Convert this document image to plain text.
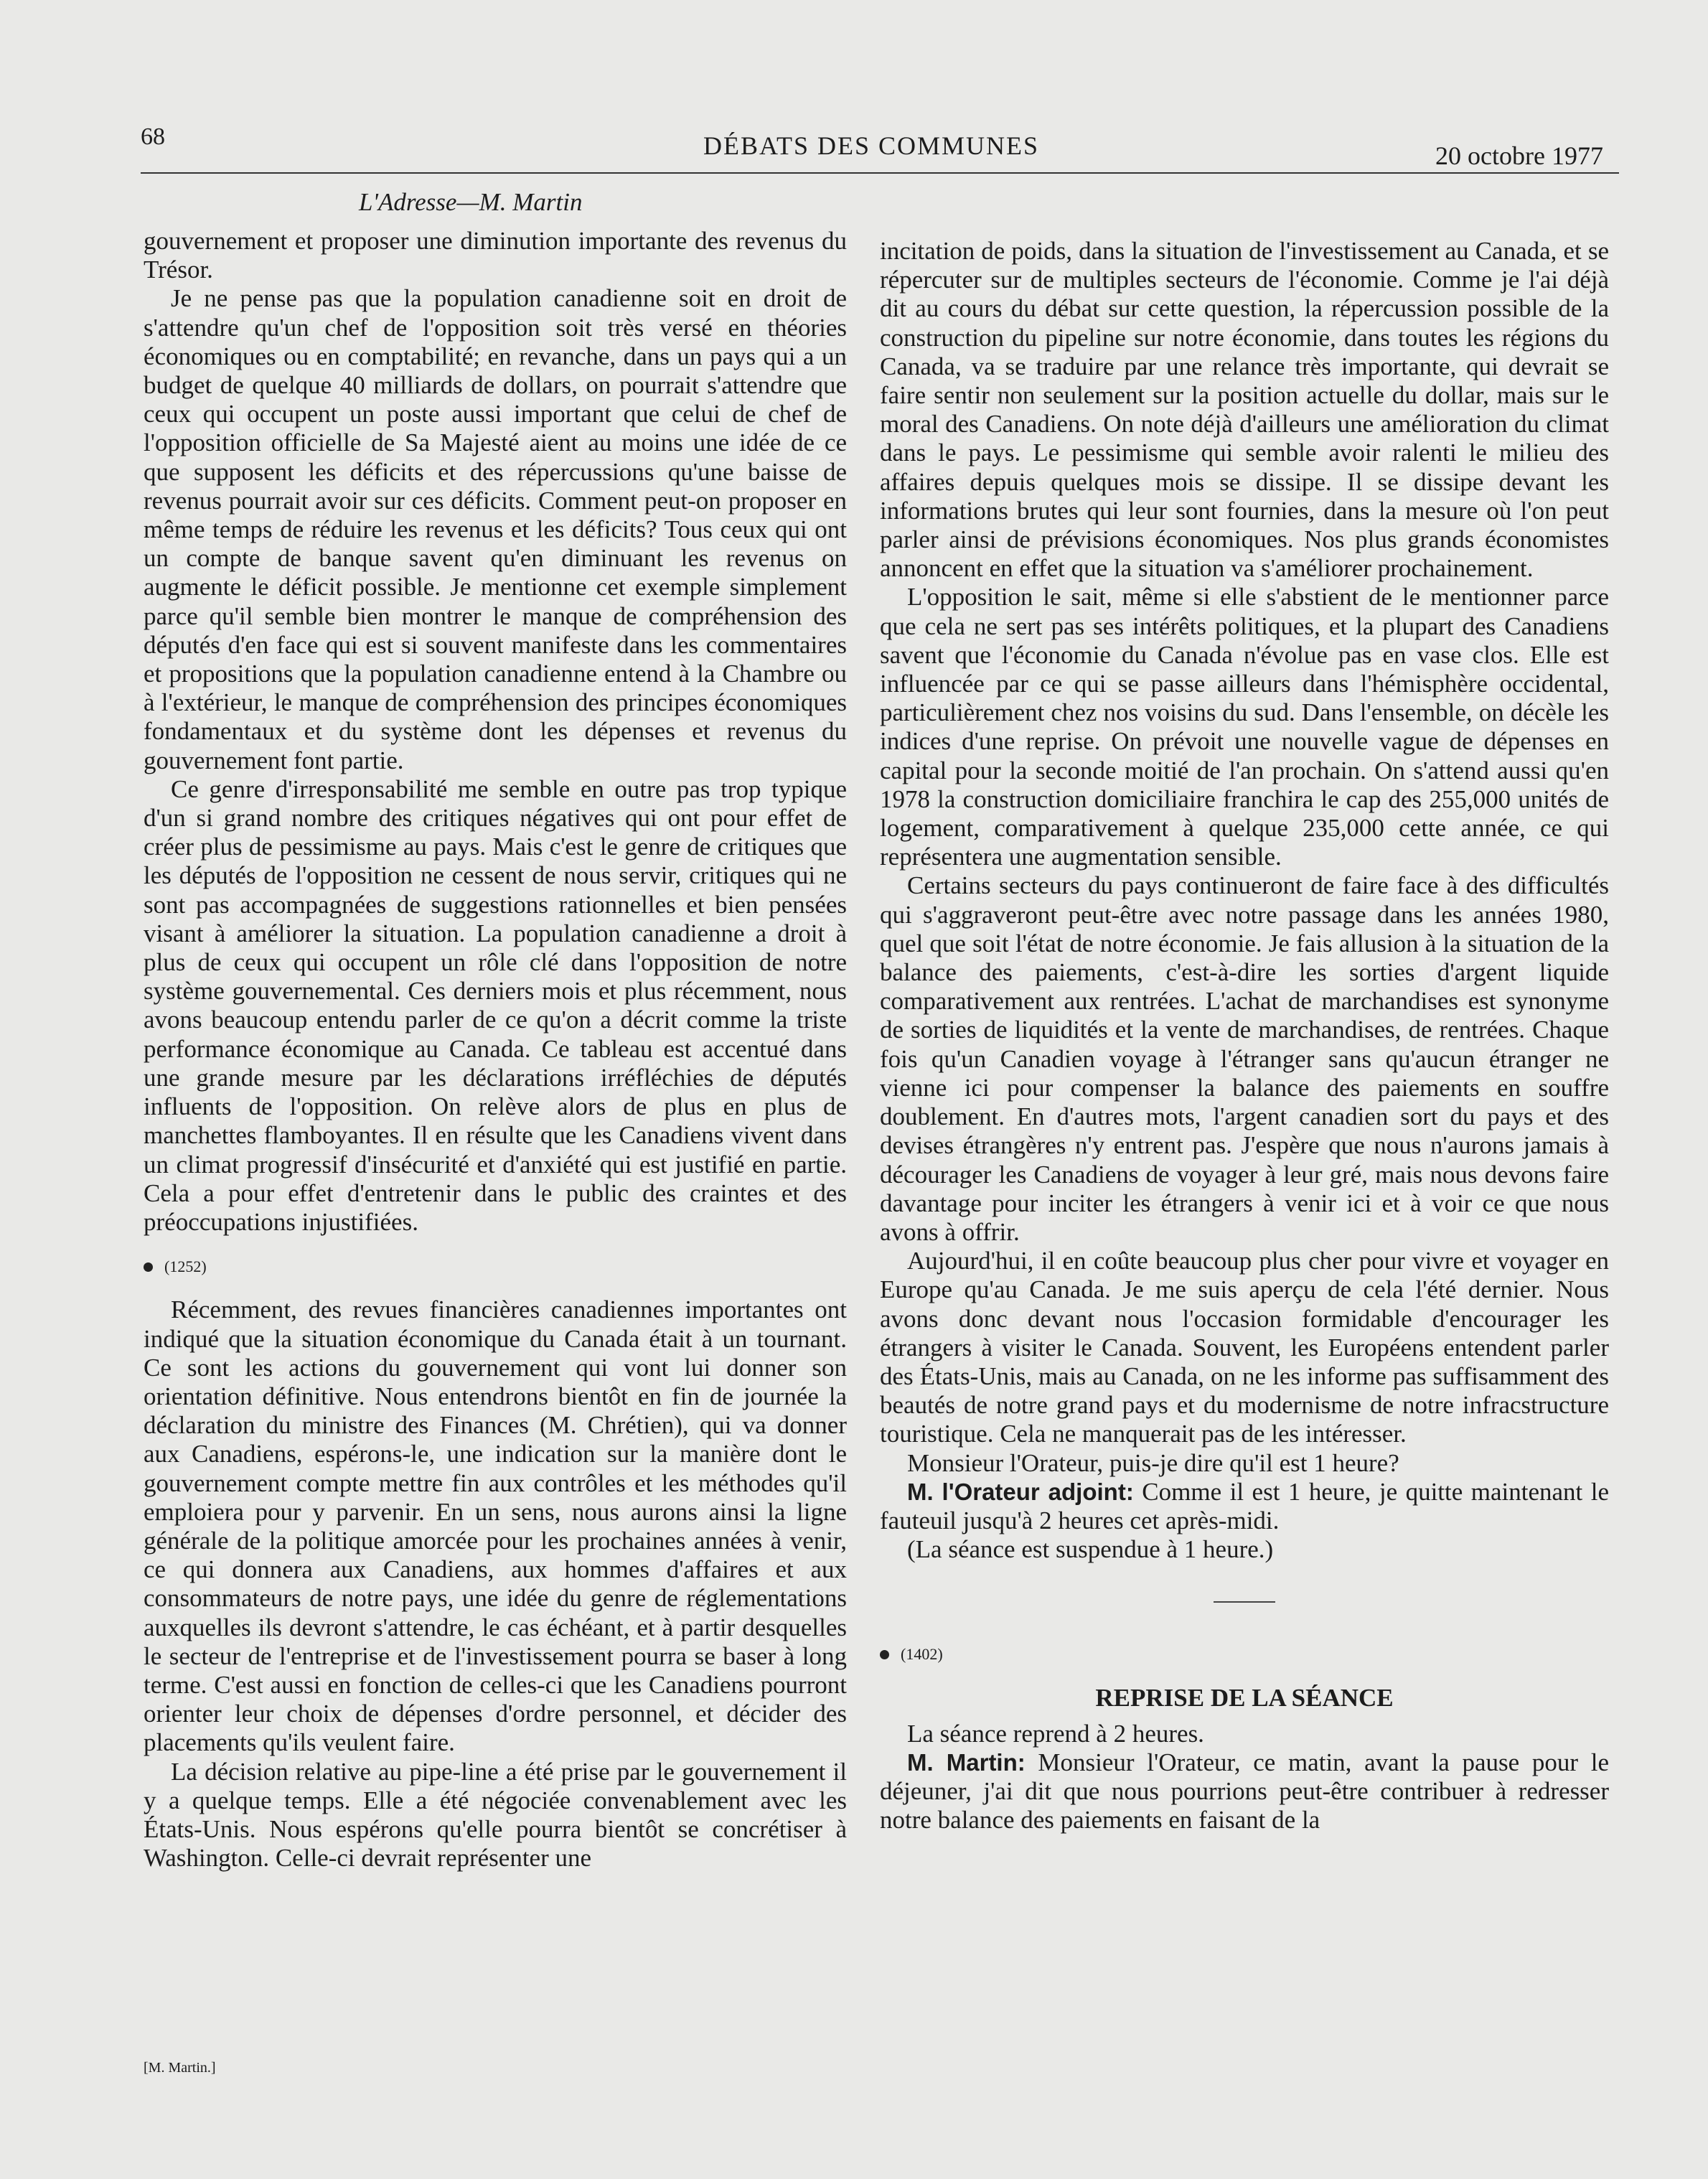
68	DÉBATS DES COMMUNES	20 octobre 1977
L'Adresse—M. Martin

gouvernement et proposer une diminution importante des revenus du Trésor.

Je ne pense pas que la population canadienne soit en droit de s'attendre qu'un chef de l'opposition soit très versé en théories économiques ou en comptabilité; en revanche, dans un pays qui a un budget de quelque 40 milliards de dollars, on pourrait s'attendre que ceux qui occupent un poste aussi important que celui de chef de l'opposition officielle de Sa Majesté aient au moins une idée de ce que supposent les déficits et des répercussions qu'une baisse de revenus pourrait avoir sur ces déficits. Comment peut-on proposer en même temps de réduire les revenus et les déficits? Tous ceux qui ont un compte de banque savent qu'en diminuant les revenus on augmente le déficit possible. Je mentionne cet exemple simplement parce qu'il semble bien montrer le manque de compréhension des députés d'en face qui est si souvent manifeste dans les commentaires et propositions que la population canadienne entend à la Chambre ou à l'extérieur, le manque de compréhension des principes économiques fondamentaux et du système dont les dépenses et revenus du gouvernement font partie.

Ce genre d'irresponsabilité me semble en outre pas trop typique d'un si grand nombre des critiques négatives qui ont pour effet de créer plus de pessimisme au pays. Mais c'est le genre de critiques que les députés de l'opposition ne cessent de nous servir, critiques qui ne sont pas accompagnées de suggestions rationnelles et bien pensées visant à améliorer la situation. La population canadienne a droit à plus de ceux qui occupent un rôle clé dans l'opposition de notre système gouvernemental. Ces derniers mois et plus récemment, nous avons beaucoup entendu parler de ce qu'on a décrit comme la triste performance économique au Canada. Ce tableau est accentué dans une grande mesure par les déclarations irréfléchies de députés influents de l'opposition. On relève alors de plus en plus de manchettes flamboyantes. Il en résulte que les Canadiens vivent dans un climat progressif d'insécurité et d'anxiété qui est justifié en partie. Cela a pour effet d'entretenir dans le public des craintes et des préoccupations injustifiées.

(1252)

Récemment, des revues financières canadiennes importantes ont indiqué que la situation économique du Canada était à un tournant. Ce sont les actions du gouvernement qui vont lui donner son orientation définitive. Nous entendrons bientôt en fin de journée la déclaration du ministre des Finances (M. Chrétien), qui va donner aux Canadiens, espérons-le, une indication sur la manière dont le gouvernement compte mettre fin aux contrôles et les méthodes qu'il emploiera pour y parvenir. En un sens, nous aurons ainsi la ligne générale de la politique amorcée pour les prochaines années à venir, ce qui donnera aux Canadiens, aux hommes d'affaires et aux consommateurs de notre pays, une idée du genre de réglementations auxquelles ils devront s'attendre, le cas échéant, et à partir desquelles le secteur de l'entreprise et de l'investissement pourra se baser à long terme. C'est aussi en fonction de celles-ci que les Canadiens pourront orienter leur choix de dépenses d'ordre personnel, et décider des placements qu'ils veulent faire.

La décision relative au pipe-line a été prise par le gouvernement il y a quelque temps. Elle a été négociée convenablement avec les États-Unis. Nous espérons qu'elle pourra bientôt se concrétiser à Washington. Celle-ci devrait représenter une

[M. Martin.]

incitation de poids, dans la situation de l'investissement au Canada, et se répercuter sur de multiples secteurs de l'économie. Comme je l'ai déjà dit au cours du débat sur cette question, la répercussion possible de la construction du pipeline sur notre économie, dans toutes les régions du Canada, va se traduire par une relance très importante, qui devrait se faire sentir non seulement sur la position actuelle du dollar, mais sur le moral des Canadiens. On note déjà d'ailleurs une amélioration du climat dans le pays. Le pessimisme qui semble avoir ralenti le milieu des affaires depuis quelques mois se dissipe. Il se dissipe devant les informations brutes qui leur sont fournies, dans la mesure où l'on peut parler ainsi de prévisions économiques. Nos plus grands économistes annoncent en effet que la situation va s'améliorer prochainement.

L'opposition le sait, même si elle s'abstient de le mentionner parce que cela ne sert pas ses intérêts politiques, et la plupart des Canadiens savent que l'économie du Canada n'évolue pas en vase clos. Elle est influencée par ce qui se passe ailleurs dans l'hémisphère occidental, particulièrement chez nos voisins du sud. Dans l'ensemble, on décèle les indices d'une reprise. On prévoit une nouvelle vague de dépenses en capital pour la seconde moitié de l'an prochain. On s'attend aussi qu'en 1978 la construction domiciliaire franchira le cap des 255,000 unités de logement, comparativement à quelque 235,000 cette année, ce qui représentera une augmentation sensible.

Certains secteurs du pays continueront de faire face à des difficultés qui s'aggraveront peut-être avec notre passage dans les années 1980, quel que soit l'état de notre économie. Je fais allusion à la situation de la balance des paiements, c'est-à-dire les sorties d'argent liquide comparativement aux rentrées. L'achat de marchandises est synonyme de sorties de liquidités et la vente de marchandises, de rentrées. Chaque fois qu'un Canadien voyage à l'étranger sans qu'aucun étranger ne vienne ici pour compenser la balance des paiements en souffre doublement. En d'autres mots, l'argent canadien sort du pays et des devises étrangères n'y entrent pas. J'espère que nous n'aurons jamais à décourager les Canadiens de voyager à leur gré, mais nous devons faire davantage pour inciter les étrangers à venir ici et à voir ce que nous avons à offrir.

Aujourd'hui, il en coûte beaucoup plus cher pour vivre et voyager en Europe qu'au Canada. Je me suis aperçu de cela l'été dernier. Nous avons donc devant nous l'occasion formidable d'encourager les étrangers à visiter le Canada. Souvent, les Européens entendent parler des États-Unis, mais au Canada, on ne les informe pas suffisamment des beautés de notre grand pays et du modernisme de notre infracstructure touristique. Cela ne manquerait pas de les intéresser.

Monsieur l'Orateur, puis-je dire qu'il est 1 heure?

M. l'Orateur adjoint: Comme il est 1 heure, je quitte maintenant le fauteuil jusqu'à 2 heures cet après-midi.

(La séance est suspendue à 1 heure.)

(1402)
REPRISE DE LA SÉANCE

La séance reprend à 2 heures.

M. Martin: Monsieur l'Orateur, ce matin, avant la pause pour le déjeuner, j'ai dit que nous pourrions peut-être contribuer à redresser notre balance des paiements en faisant de la
